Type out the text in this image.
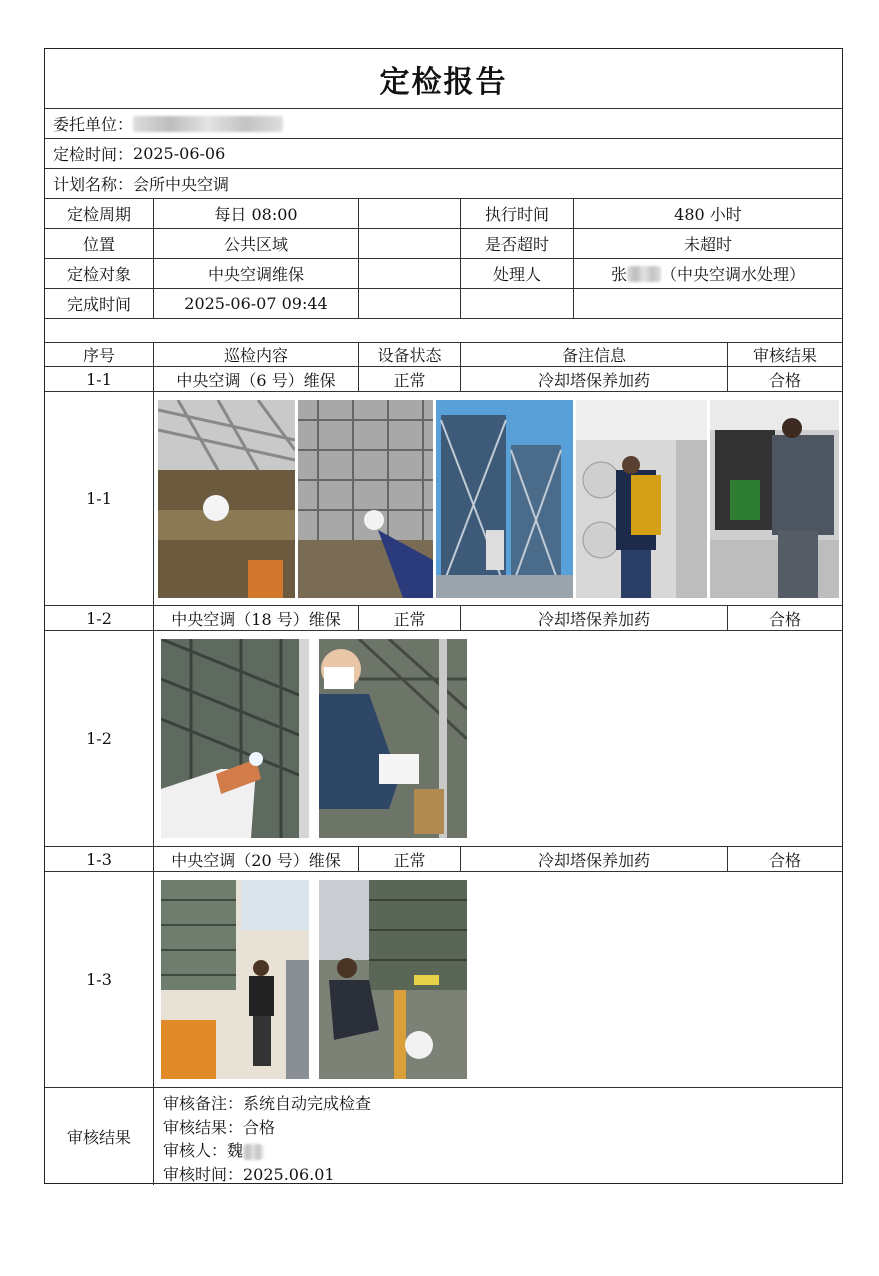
定检报告
委托单位：
定检时间： 2025-06-06
计划名称： 会所中央空调
定检周期	每日 08:00	执行时间	480 小时
位置	公共区域	是否超时	未超时
定检对象	中央空调维保	处理人	张 （中央空调水处理）
完成时间	2025-06-07 09:44
序号	巡检内容	设备状态	备注信息	审核结果
1-1	中央空调（6 号）维保	正常	冷却塔保养加药	合格
1-1
1-2	中央空调（18 号）维保	正常	冷却塔保养加药	合格
1-2
1-3	中央空调（20 号）维保	正常	冷却塔保养加药	合格
1-3
审核结果
审核备注：系统自动完成检查
审核结果：合格
审核人：魏
审核时间：2025.06.01
